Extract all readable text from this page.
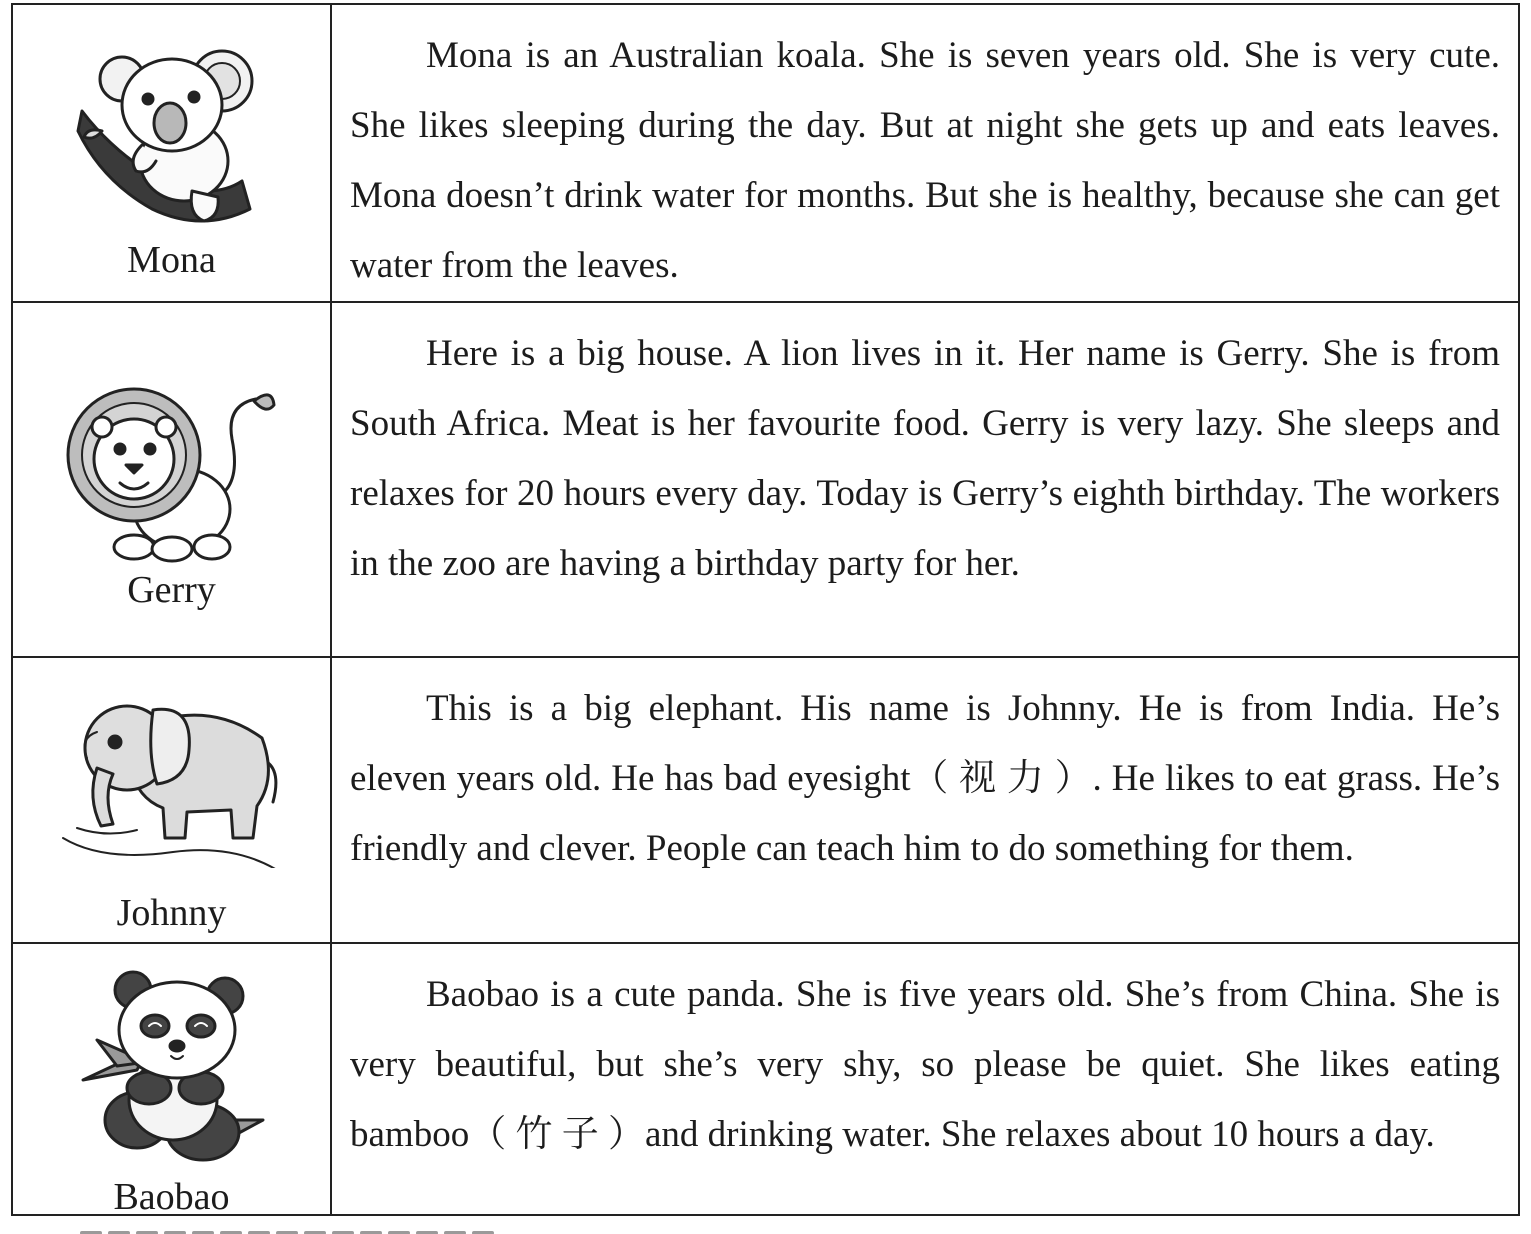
Mona	Mona is an Australian koala. She is seven years old. She is very cute. She likes sleeping during the day. But at night she gets up and eats leaves. Mona doesn’t drink water for months. But she is healthy, because she can get water from the leaves.

Gerry	Here is a big house. A lion lives in it. Her name is Gerry. She is from South Africa. Meat is her favourite food. Gerry is very lazy. She sleeps and relaxes for 20 hours every day. Today is Gerry’s eighth birthday. The workers in the zoo are having a birthday party for her.

Johnny	This is a big elephant. His name is Johnny. He is from India. He’s eleven years old. He has bad eyesight（ 视 力 ）. He likes to eat grass. He’s friendly and clever. People can teach him to do something for them.

Baobao	Baobao is a cute panda. She is five years old. She’s from China. She is very beautiful, but she’s very shy, so please be quiet. She likes eating bamboo（ 竹 子 ）and drinking water. She relaxes about 10 hours a day.
